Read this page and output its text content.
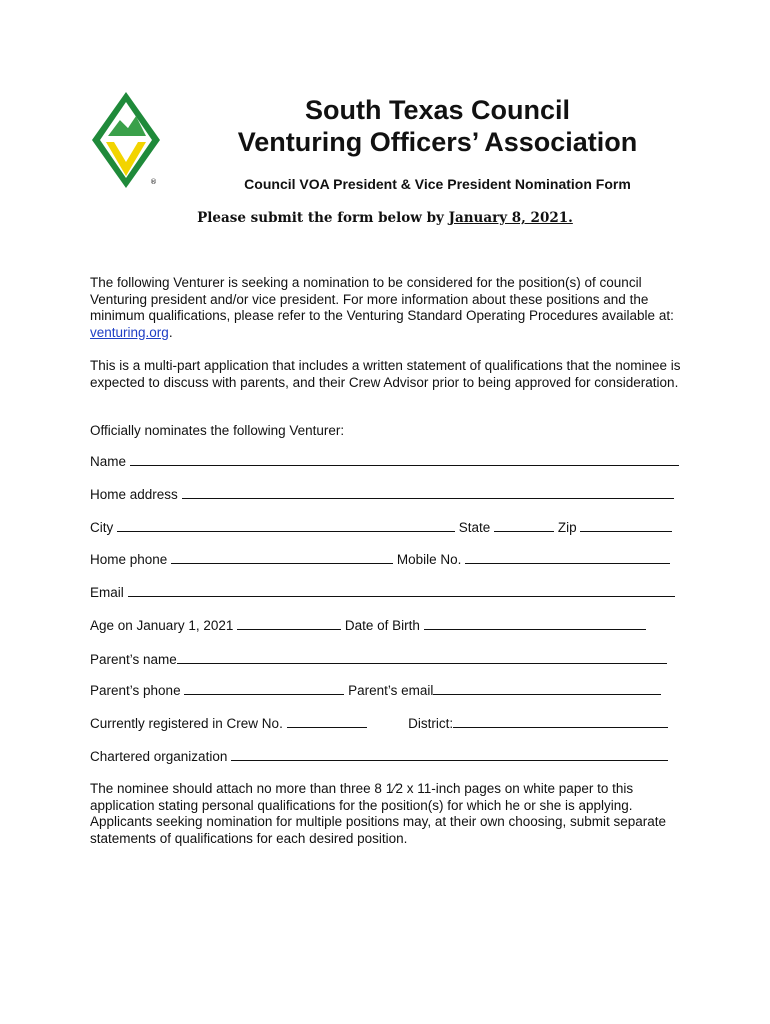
®
South Texas Council
Venturing Officers’ Association
Council VOA President & Vice President Nomination Form
Please submit the form below by January 8, 2021.
The following Venturer is seeking a nomination to be considered for the position(s) of council Venturing president and/or vice president. For more information about these positions and the minimum qualifications, please refer to the Venturing Standard Operating Procedures available at: venturing.org.
This is a multi-part application that includes a written statement of qualifications that the nominee is expected to discuss with parents, and their Crew Advisor prior to being approved for consideration.
Officially nominates the following Venturer:
Name
Home address
City	State	Zip
Home phone	Mobile No.
Email
Age on January 1, 2021	Date of Birth
Parent’s name
Parent’s phone	Parent’s email
Currently registered in Crew No.	District:
Chartered organization
The nominee should attach no more than three 8 1⁄2 x 11-inch pages on white paper to this application stating personal qualifications for the position(s) for which he or she is applying. Applicants seeking nomination for multiple positions may, at their own choosing, submit separate statements of qualifications for each desired position.
